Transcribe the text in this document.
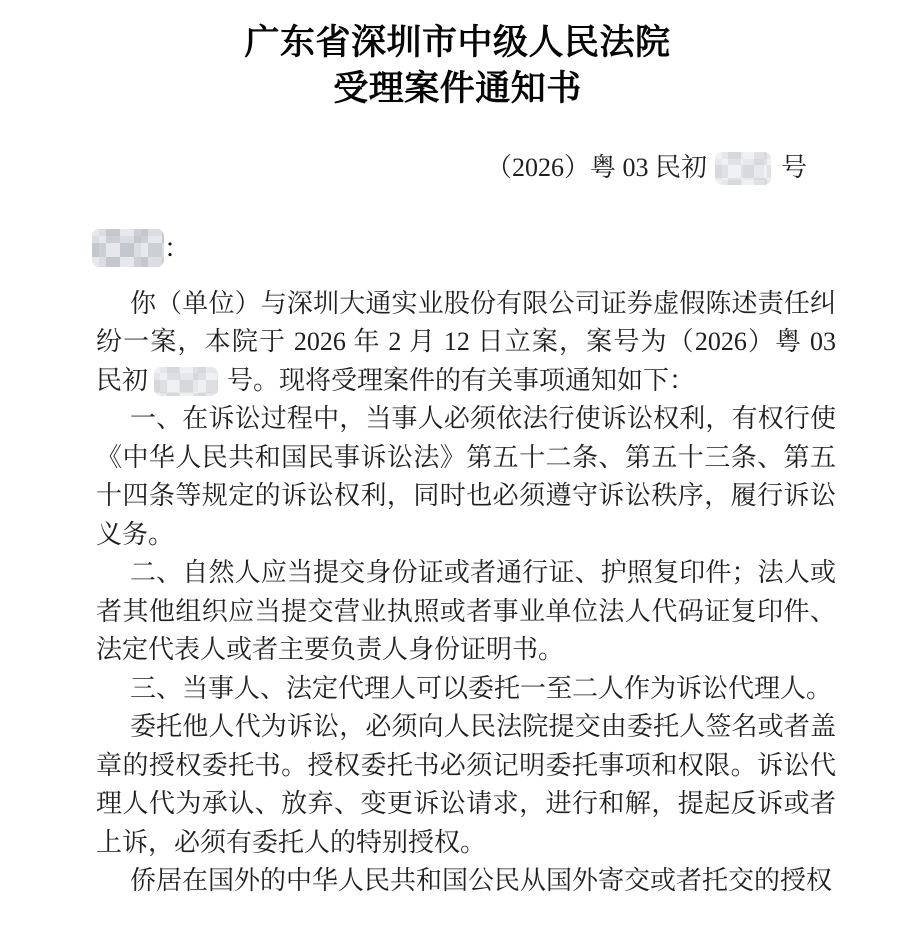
广东省深圳市中级人民法院
受理案件通知书
（2026）粤 03 民初	号
：

你（单位）与深圳大通实业股份有限公司证券虚假陈述责任纠纷一案，本院于 2026 年 2 月 12 日立案，案号为（2026）粤 03 民初	号。现将受理案件的有关事项通知如下：

一、在诉讼过程中，当事人必须依法行使诉讼权利，有权行使《中华人民共和国民事诉讼法》第五十二条、第五十三条、第五十四条等规定的诉讼权利，同时也必须遵守诉讼秩序，履行诉讼义务。

二、自然人应当提交身份证或者通行证、护照复印件；法人或者其他组织应当提交营业执照或者事业单位法人代码证复印件、法定代表人或者主要负责人身份证明书。

三、当事人、法定代理人可以委托一至二人作为诉讼代理人。

委托他人代为诉讼，必须向人民法院提交由委托人签名或者盖章的授权委托书。授权委托书必须记明委托事项和权限。诉讼代理人代为承认、放弃、变更诉讼请求，进行和解，提起反诉或者上诉，必须有委托人的特别授权。

侨居在国外的中华人民共和国公民从国外寄交或者托交的授权
